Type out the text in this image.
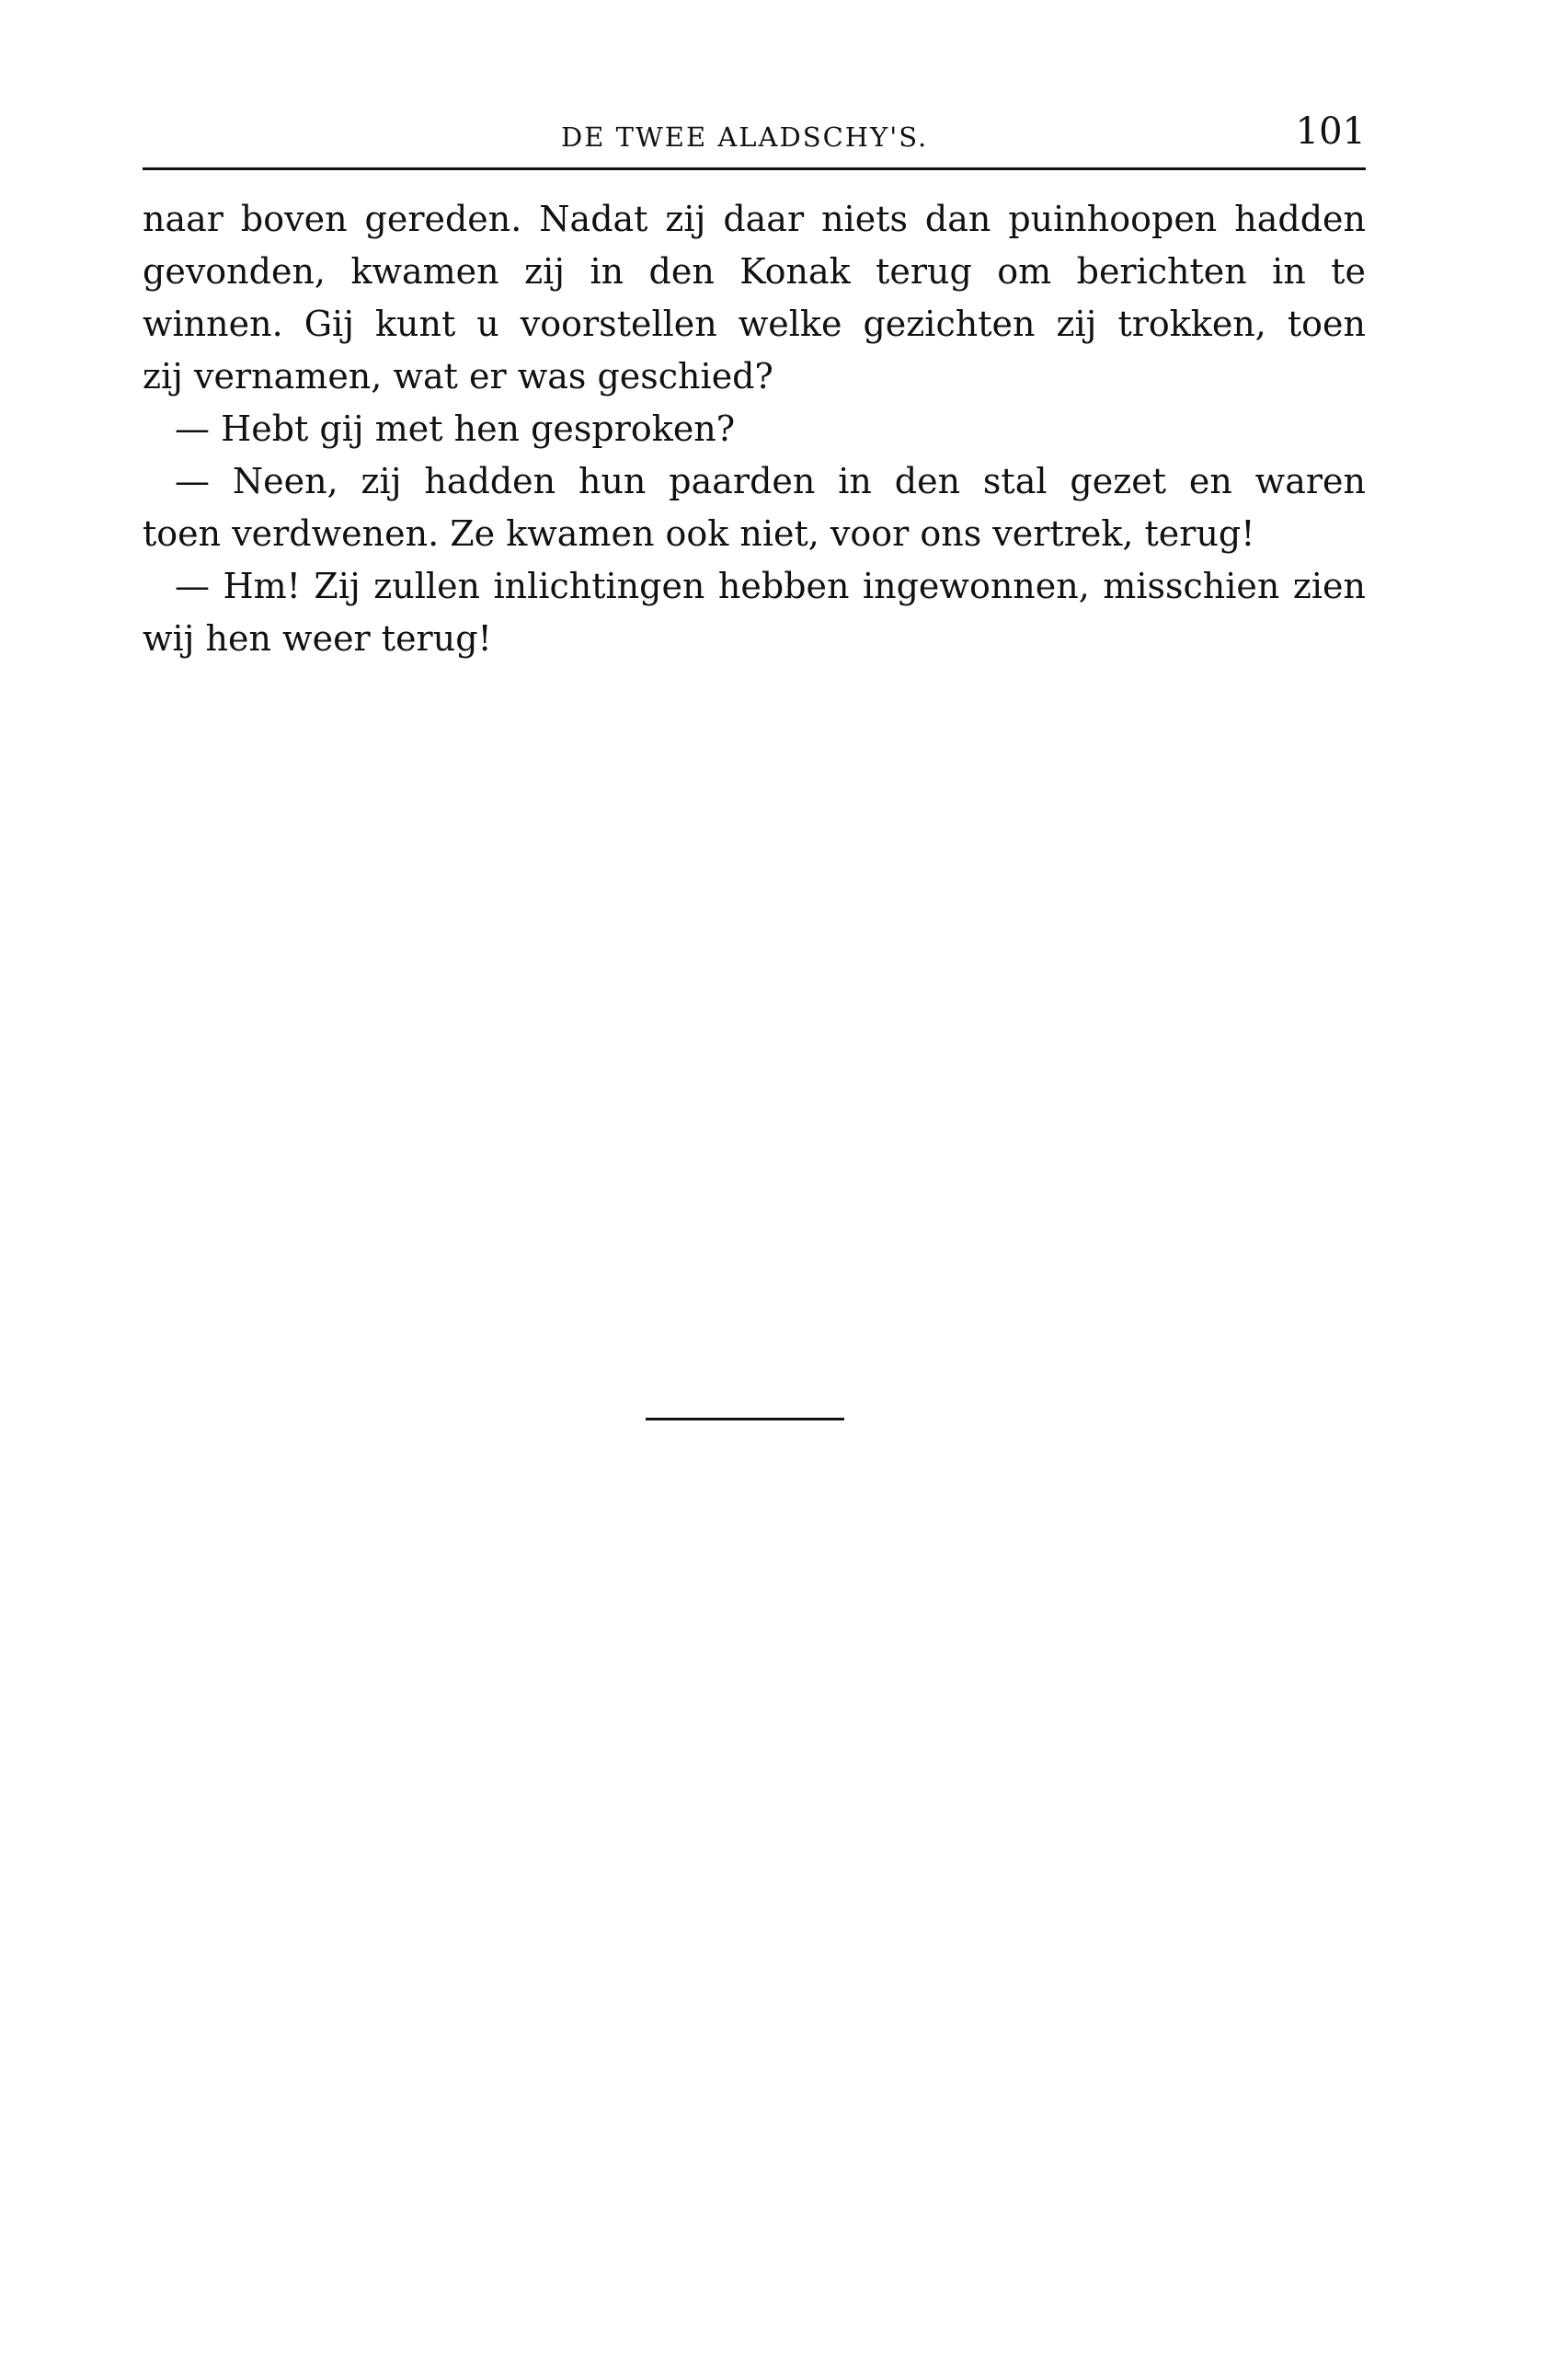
DE TWEE ALADSCHY'S.	101
naar boven gereden. Nadat zij daar niets dan puinhoopen hadden
gevonden, kwamen zij in den Konak terug om berichten in te
winnen. Gij kunt u voorstellen welke gezichten zij trokken, toen
zij vernamen, wat er was geschied?
— Hebt gij met hen gesproken?
— Neen, zij hadden hun paarden in den stal gezet en waren
toen verdwenen. Ze kwamen ook niet, voor ons vertrek, terug!
— Hm! Zij zullen inlichtingen hebben ingewonnen, misschien zien
wij hen weer terug!
